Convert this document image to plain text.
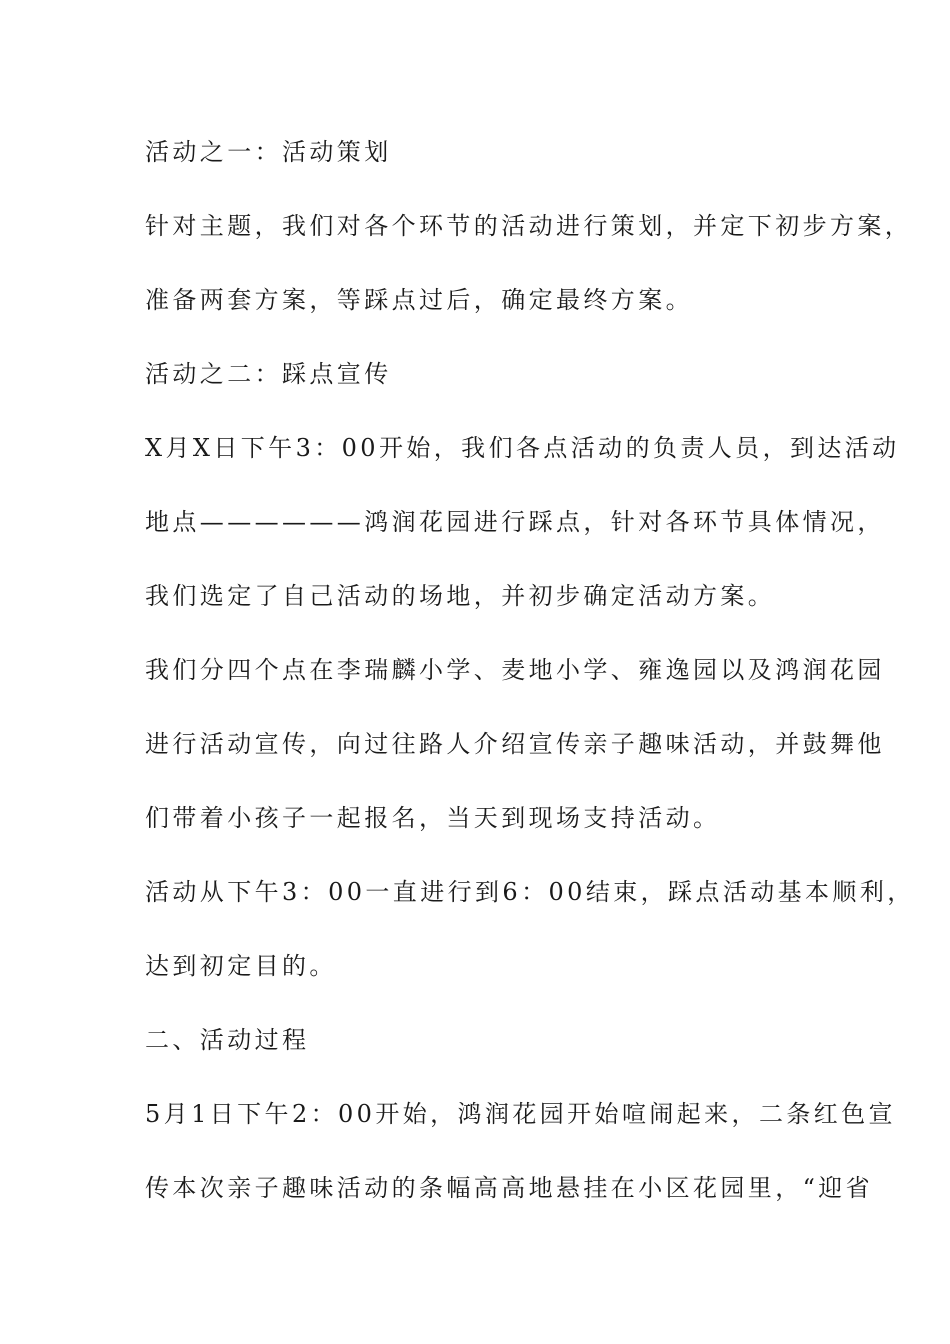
活动之一：活动策划
针对主题，我们对各个环节的活动进行策划，并定下初步方案，
准备两套方案，等踩点过后，确定最终方案。
活动之二：踩点宣传
X月X日下午3：00开始，我们各点活动的负责人员，到达活动
地点——————鸿润花园进行踩点，针对各环节具体情况，
我们选定了自己活动的场地，并初步确定活动方案。
我们分四个点在李瑞麟小学、麦地小学、雍逸园以及鸿润花园
进行活动宣传，向过往路人介绍宣传亲子趣味活动，并鼓舞他
们带着小孩子一起报名，当天到现场支持活动。
活动从下午3：00一直进行到6：00结束，踩点活动基本顺利，
达到初定目的。
二、活动过程
5月1日下午2：00开始，鸿润花园开始喧闹起来，二条红色宣
传本次亲子趣味活动的条幅高高地悬挂在小区花园里，“迎省
